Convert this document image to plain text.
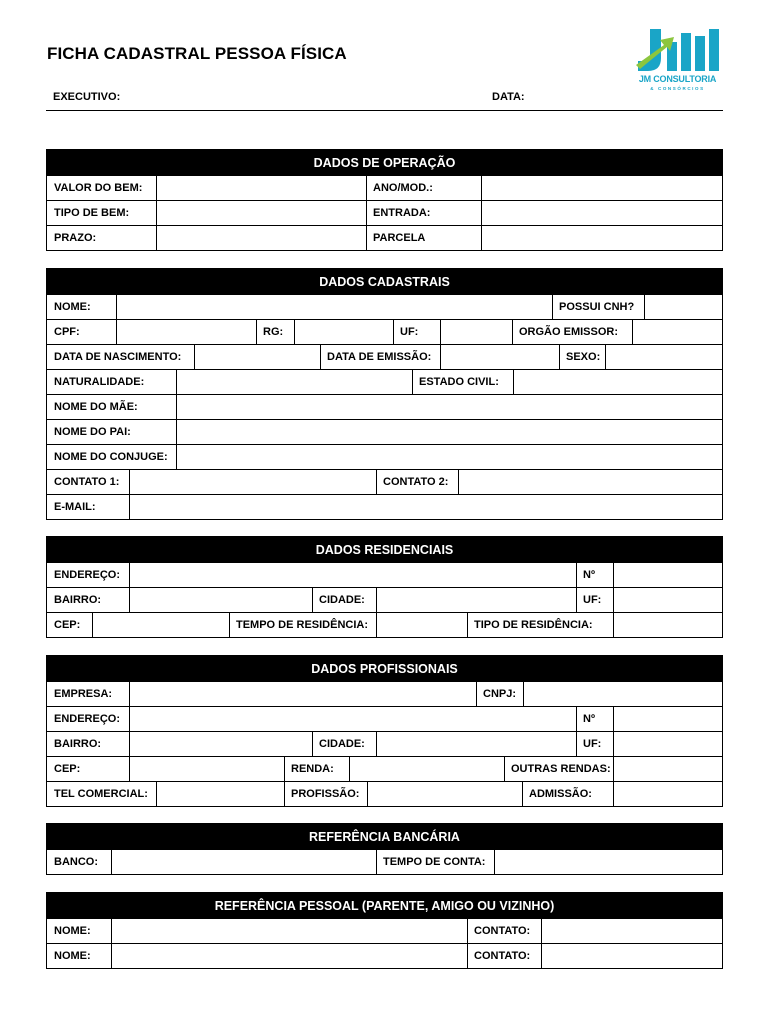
FICHA CADASTRAL PESSOA FÍSICA
EXECUTIVO:	DATA:
JM CONSULTORIA
& CONSÓRCIOS
DADOS DE OPERAÇÃO
VALOR DO BEM:	ANO/MOD.:
TIPO DE BEM:	ENTRADA:
PRAZO:	PARCELA
DADOS CADASTRAIS
NOME:	POSSUI CNH?
CPF:	RG:	UF:	ORGÃO EMISSOR:
DATA DE NASCIMENTO:	DATA DE EMISSÃO:	SEXO:
NATURALIDADE:	ESTADO CIVIL:
NOME DO MÃE:
NOME DO PAI:
NOME DO CONJUGE:
CONTATO 1:	CONTATO 2:
E-MAIL:
DADOS RESIDENCIAIS
ENDEREÇO:	Nº
BAIRRO:	CIDADE:	UF:
CEP:	TEMPO DE RESIDÊNCIA:	TIPO DE RESIDÊNCIA:
DADOS PROFISSIONAIS
EMPRESA:	CNPJ:
ENDEREÇO:	Nº
BAIRRO:	CIDADE:	UF:
CEP:	RENDA:	OUTRAS RENDAS:
TEL COMERCIAL:	PROFISSÃO:	ADMISSÃO:
REFERÊNCIA BANCÁRIA
BANCO:	TEMPO DE CONTA:
REFERÊNCIA PESSOAL (PARENTE, AMIGO OU VIZINHO)
NOME:	CONTATO:
NOME:	CONTATO:
